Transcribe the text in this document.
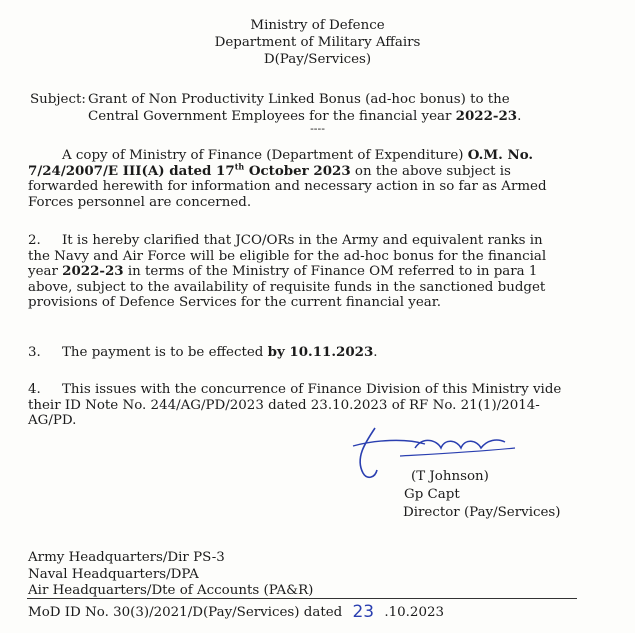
Ministry of Defence
Department of Military Affairs
D(Pay/Services)
Subject: Grant of Non Productivity Linked Bonus (ad-hoc bonus) to the
Central Government Employees for the financial year 2022-23.
----
A copy of Ministry of Finance (Department of Expenditure) O.M. No.
7/24/2007/E III(A) dated 17th October 2023 on the above subject is
forwarded herewith for information and necessary action in so far as Armed
Forces personnel are concerned.
2. It is hereby clarified that JCO/ORs in the Army and equivalent ranks in
the Navy and Air Force will be eligible for the ad-hoc bonus for the financial
year 2022-23 in terms of the Ministry of Finance OM referred to in para 1
above, subject to the availability of requisite funds in the sanctioned budget
provisions of Defence Services for the current financial year.
3. The payment is to be effected by 10.11.2023.
4. This issues with the concurrence of Finance Division of this Ministry vide
their ID Note No. 244/AG/PD/2023 dated 23.10.2023 of RF No. 21(1)/2014-
AG/PD.
(T Johnson)
Gp Capt
Director (Pay/Services)
Army Headquarters/Dir PS-3
Naval Headquarters/DPA
Air Headquarters/Dte of Accounts (PA&R)
MoD ID No. 30(3)/2021/D(Pay/Services) dated 23 .10.2023
